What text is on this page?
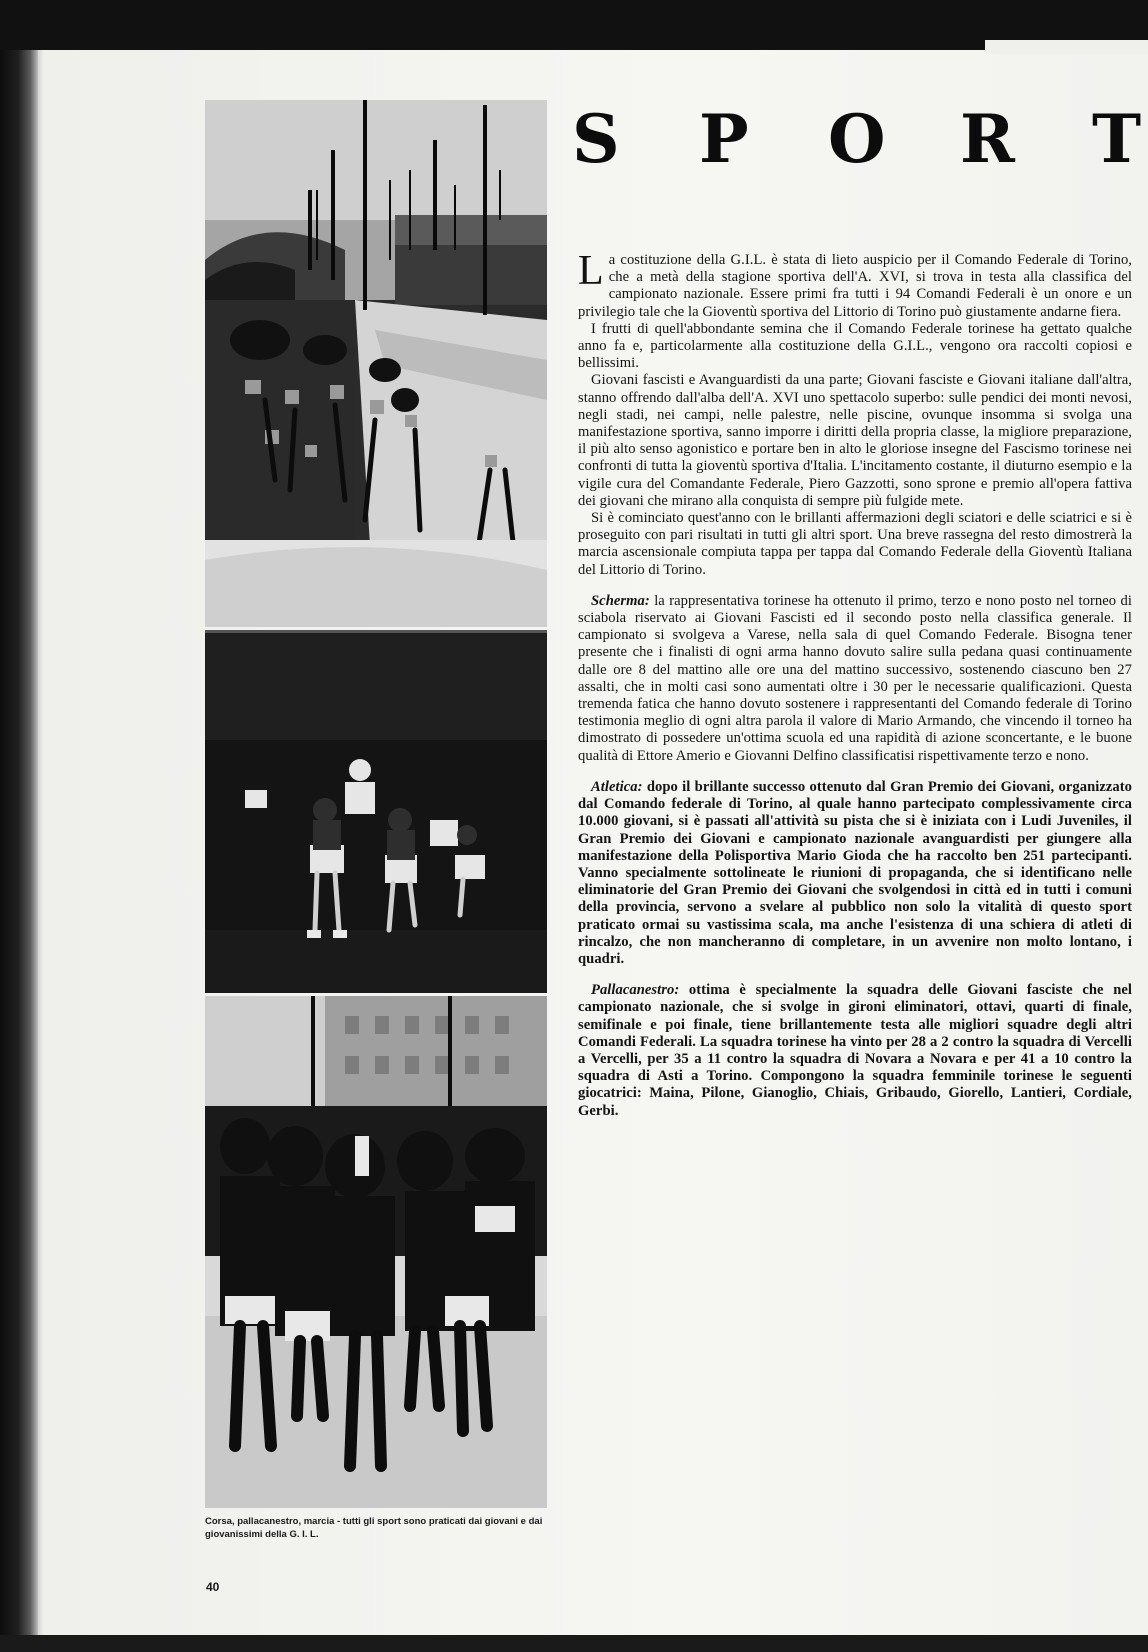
Corsa, pallacanestro, marcia - tutti gli sport sono praticati dai giovani e dai giovanissimi della G. I. L.
40
S P O R T

La costituzione della G.I.L. è stata di lieto auspicio per il Comando Federale di Torino, che a metà della stagione sportiva dell'A. XVI, si trova in testa alla classifica del campionato nazionale. Essere primi fra tutti i 94 Comandi Federali è un onore e un privilegio tale che la Gioventù sportiva del Littorio di Torino può giustamente andarne fiera.

I frutti di quell'abbondante semina che il Comando Federale torinese ha gettato qualche anno fa e, particolarmente alla costituzione della G.I.L., vengono ora raccolti copiosi e bellissimi.

Giovani fascisti e Avanguardisti da una parte; Giovani fasciste e Giovani italiane dall'altra, stanno offrendo dall'alba dell'A. XVI uno spettacolo superbo: sulle pendici dei monti nevosi, negli stadi, nei campi, nelle palestre, nelle piscine, ovunque insomma si svolga una manifestazione sportiva, sanno imporre i diritti della propria classe, la migliore preparazione, il più alto senso agonistico e portare ben in alto le gloriose insegne del Fascismo torinese nei confronti di tutta la gioventù sportiva d'Italia. L'incitamento costante, il diuturno esempio e la vigile cura del Comandante Federale, Piero Gazzotti, sono sprone e premio all'opera fattiva dei giovani che mirano alla conquista di sempre più fulgide mete.

Si è cominciato quest'anno con le brillanti affermazioni degli sciatori e delle sciatrici e si è proseguito con pari risultati in tutti gli altri sport. Una breve rassegna del resto dimostrerà la marcia ascensionale compiuta tappa per tappa dal Comando Federale della Gioventù Italiana del Littorio di Torino.

Scherma: la rappresentativa torinese ha ottenuto il primo, terzo e nono posto nel torneo di sciabola riservato ai Giovani Fascisti ed il secondo posto nella classifica generale. Il campionato si svolgeva a Varese, nella sala di quel Comando Federale. Bisogna tener presente che i finalisti di ogni arma hanno dovuto salire sulla pedana quasi continuamente dalle ore 8 del mattino alle ore una del mattino successivo, sostenendo ciascuno ben 27 assalti, che in molti casi sono aumentati oltre i 30 per le necessarie qualificazioni. Questa tremenda fatica che hanno dovuto sostenere i rappresentanti del Comando federale di Torino testimonia meglio di ogni altra parola il valore di Mario Armando, che vincendo il torneo ha dimostrato di possedere un'ottima scuola ed una rapidità di azione sconcertante, e le buone qualità di Ettore Amerio e Giovanni Delfino classificatisi rispettivamente terzo e nono.

Atletica: dopo il brillante successo ottenuto dal Gran Premio dei Giovani, organizzato dal Comando federale di Torino, al quale hanno partecipato complessivamente circa 10.000 giovani, si è passati all'attività su pista che si è iniziata con i Ludi Juveniles, il Gran Premio dei Giovani e campionato nazionale avanguardisti per giungere alla manifestazione della Polisportiva Mario Gioda che ha raccolto ben 251 partecipanti. Vanno specialmente sottolineate le riunioni di propaganda, che si identificano nelle eliminatorie del Gran Premio dei Giovani che svolgendosi in città ed in tutti i comuni della provincia, servono a svelare al pubblico non solo la vitalità di questo sport praticato ormai su vastissima scala, ma anche l'esistenza di una schiera di atleti di rincalzo, che non mancheranno di completare, in un avvenire non molto lontano, i quadri.

Pallacanestro: ottima è specialmente la squadra delle Giovani fasciste che nel campionato nazionale, che si svolge in gironi eliminatori, ottavi, quarti di finale, semifinale e poi finale, tiene brillantemente testa alle migliori squadre degli altri Comandi Federali. La squadra torinese ha vinto per 28 a 2 contro la squadra di Vercelli a Vercelli, per 35 a 11 contro la squadra di Novara a Novara e per 41 a 10 contro la squadra di Asti a Torino. Compongono la squadra femminile torinese le seguenti giocatrici: Maina, Pilone, Gianoglio, Chiais, Gribaudo, Giorello, Lantieri, Cordiale, Gerbi.
